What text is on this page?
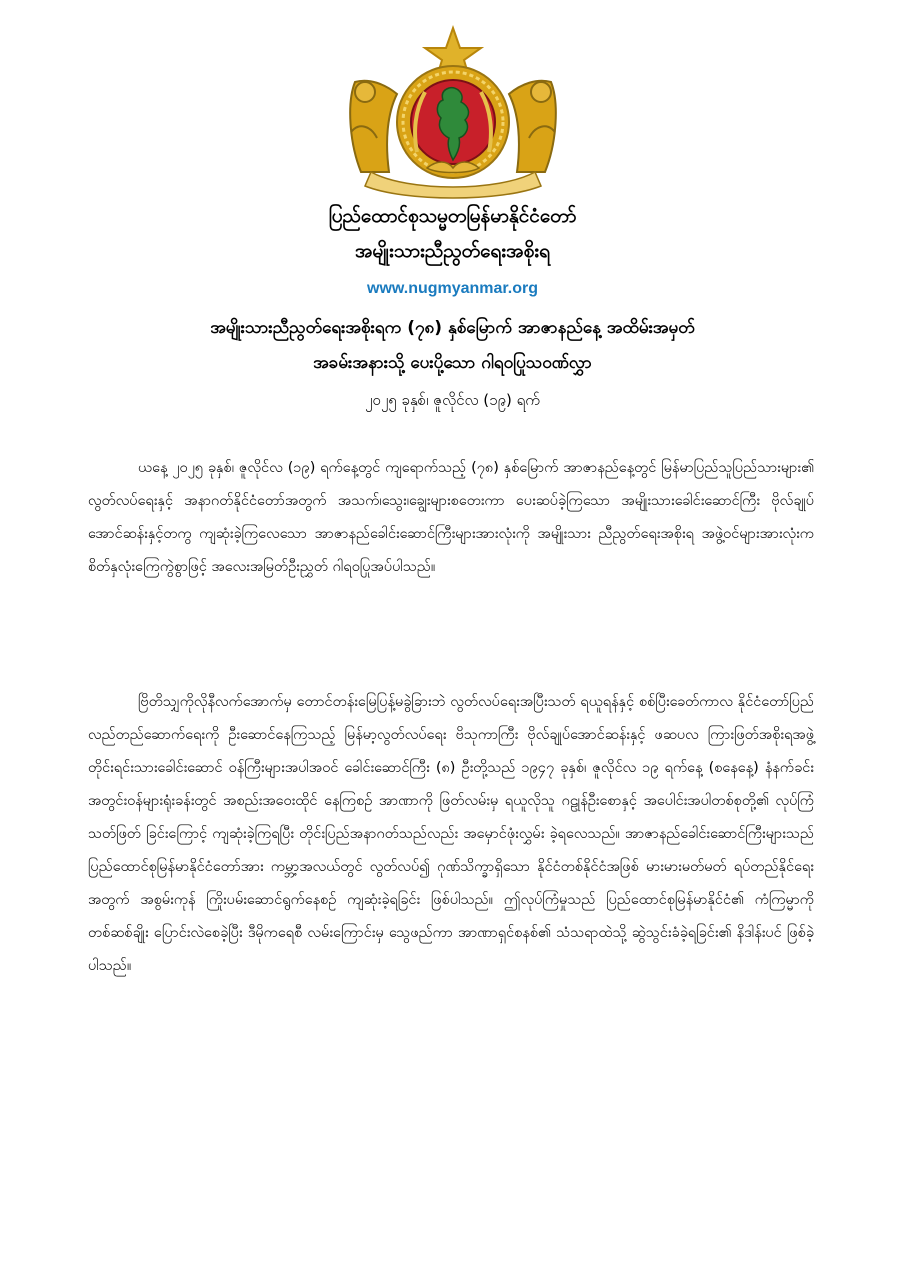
ပြည်ထောင်စုသမ္မတမြန်မာနိုင်ငံတော်
အမျိုးသားညီညွတ်ရေးအစိုးရ
www.nugmyanmar.org
အမျိုးသားညီညွတ်ရေးအစိုးရက (၇၈) နှစ်မြောက် အာဇာနည်နေ့ အထိမ်းအမှတ်
အခမ်းအနားသို့ ပေးပို့သော ဂါရဝပြုသဝဏ်လွှာ
၂၀၂၅ ခုနှစ်၊ ဇူလိုင်လ (၁၉) ရက်

ယနေ့ ၂၀၂၅ ခုနှစ်၊ ဇူလိုင်လ (၁၉) ရက်နေ့တွင် ကျရောက်သည့် (၇၈) နှစ်မြောက် အာဇာနည်နေ့တွင် မြန်မာပြည်သူပြည်သားများ၏ လွတ်လပ်ရေးနှင့် အနာဂတ်နိုင်ငံတော်အတွက် အသက်၊သွေး၊ချွေးများစတေးကာ ပေးဆပ်ခဲ့ကြသော အမျိုးသားခေါင်းဆောင်ကြီး ဗိုလ်ချုပ် အောင်ဆန်းနှင့်တကွ ကျဆုံးခဲ့ကြလေသော အာဇာနည်ခေါင်းဆောင်ကြီးများအားလုံးကို အမျိုးသား ညီညွတ်ရေးအစိုးရ အဖွဲ့ဝင်များအားလုံးက စိတ်နှလုံးကြေကွဲစွာဖြင့် အလေးအမြတ်ဦးညွှတ် ဂါရဝပြုအပ်ပါသည်။

ဗြိတိသျှကိုလိုနီလက်အောက်မှ တောင်တန်းမြေပြန့်မခွဲခြားဘဲ လွတ်လပ်ရေးအပြီးသတ် ရယူရန်နှင့် စစ်ပြီးခေတ်ကာလ နိုင်ငံတော်ပြည်လည်တည်ဆောက်ရေးကို ဦးဆောင်နေကြသည့် မြန်မာ့လွတ်လပ်ရေး ဗိသုကာကြီး ဗိုလ်ချုပ်အောင်ဆန်းနှင့် ဖဆပလ ကြားဖြတ်အစိုးရအဖွဲ့ တိုင်းရင်းသားခေါင်းဆောင် ဝန်ကြီးများအပါအဝင် ခေါင်းဆောင်ကြီး (၈) ဦးတို့သည် ၁၉၄၇ ခုနှစ်၊ ဇူလိုင်လ ၁၉ ရက်နေ့ (စနေနေ့) နံနက်ခင်း အတွင်းဝန်များရုံးခန်းတွင် အစည်းအဝေးထိုင် နေကြစဉ် အာဏာကို ဖြတ်လမ်းမှ ရယူလိုသူ ဂဠုန်ဦးစောနှင့် အပေါင်းအပါတစ်စုတို့၏ လုပ်ကြံသတ်ဖြတ် ခြင်းကြောင့် ကျဆုံးခဲ့ကြရပြီး တိုင်းပြည်အနာဂတ်သည်လည်း အမှောင်ဖုံးလွှမ်း ခဲ့ရလေသည်။ အာဇာနည်ခေါင်းဆောင်ကြီးများသည် ပြည်ထောင်စုမြန်မာနိုင်ငံတော်အား ကမ္ဘာ့အလယ်တွင် လွတ်လပ်၍ ဂုဏ်သိက္ခာရှိသော နိုင်ငံတစ်နိုင်ငံအဖြစ် မားမားမတ်မတ် ရပ်တည်နိုင်ရေးအတွက် အစွမ်းကုန် ကြိုးပမ်းဆောင်ရွက်နေစဉ် ကျဆုံးခဲ့ရခြင်း ဖြစ်ပါသည်။ ဤလုပ်ကြံမှုသည် ပြည်ထောင်စုမြန်မာနိုင်ငံ၏ ကံကြမ္မာကို တစ်ဆစ်ချိုး ပြောင်းလဲစေခဲ့ပြီး ဒီမိုကရေစီ လမ်းကြောင်းမှ သွေဖည်ကာ အာဏာရှင်စနစ်၏ သံသရာထဲသို့ ဆွဲသွင်းခံခဲ့ရခြင်း၏ နိဒါန်းပင် ဖြစ်ခဲ့ပါသည်။
